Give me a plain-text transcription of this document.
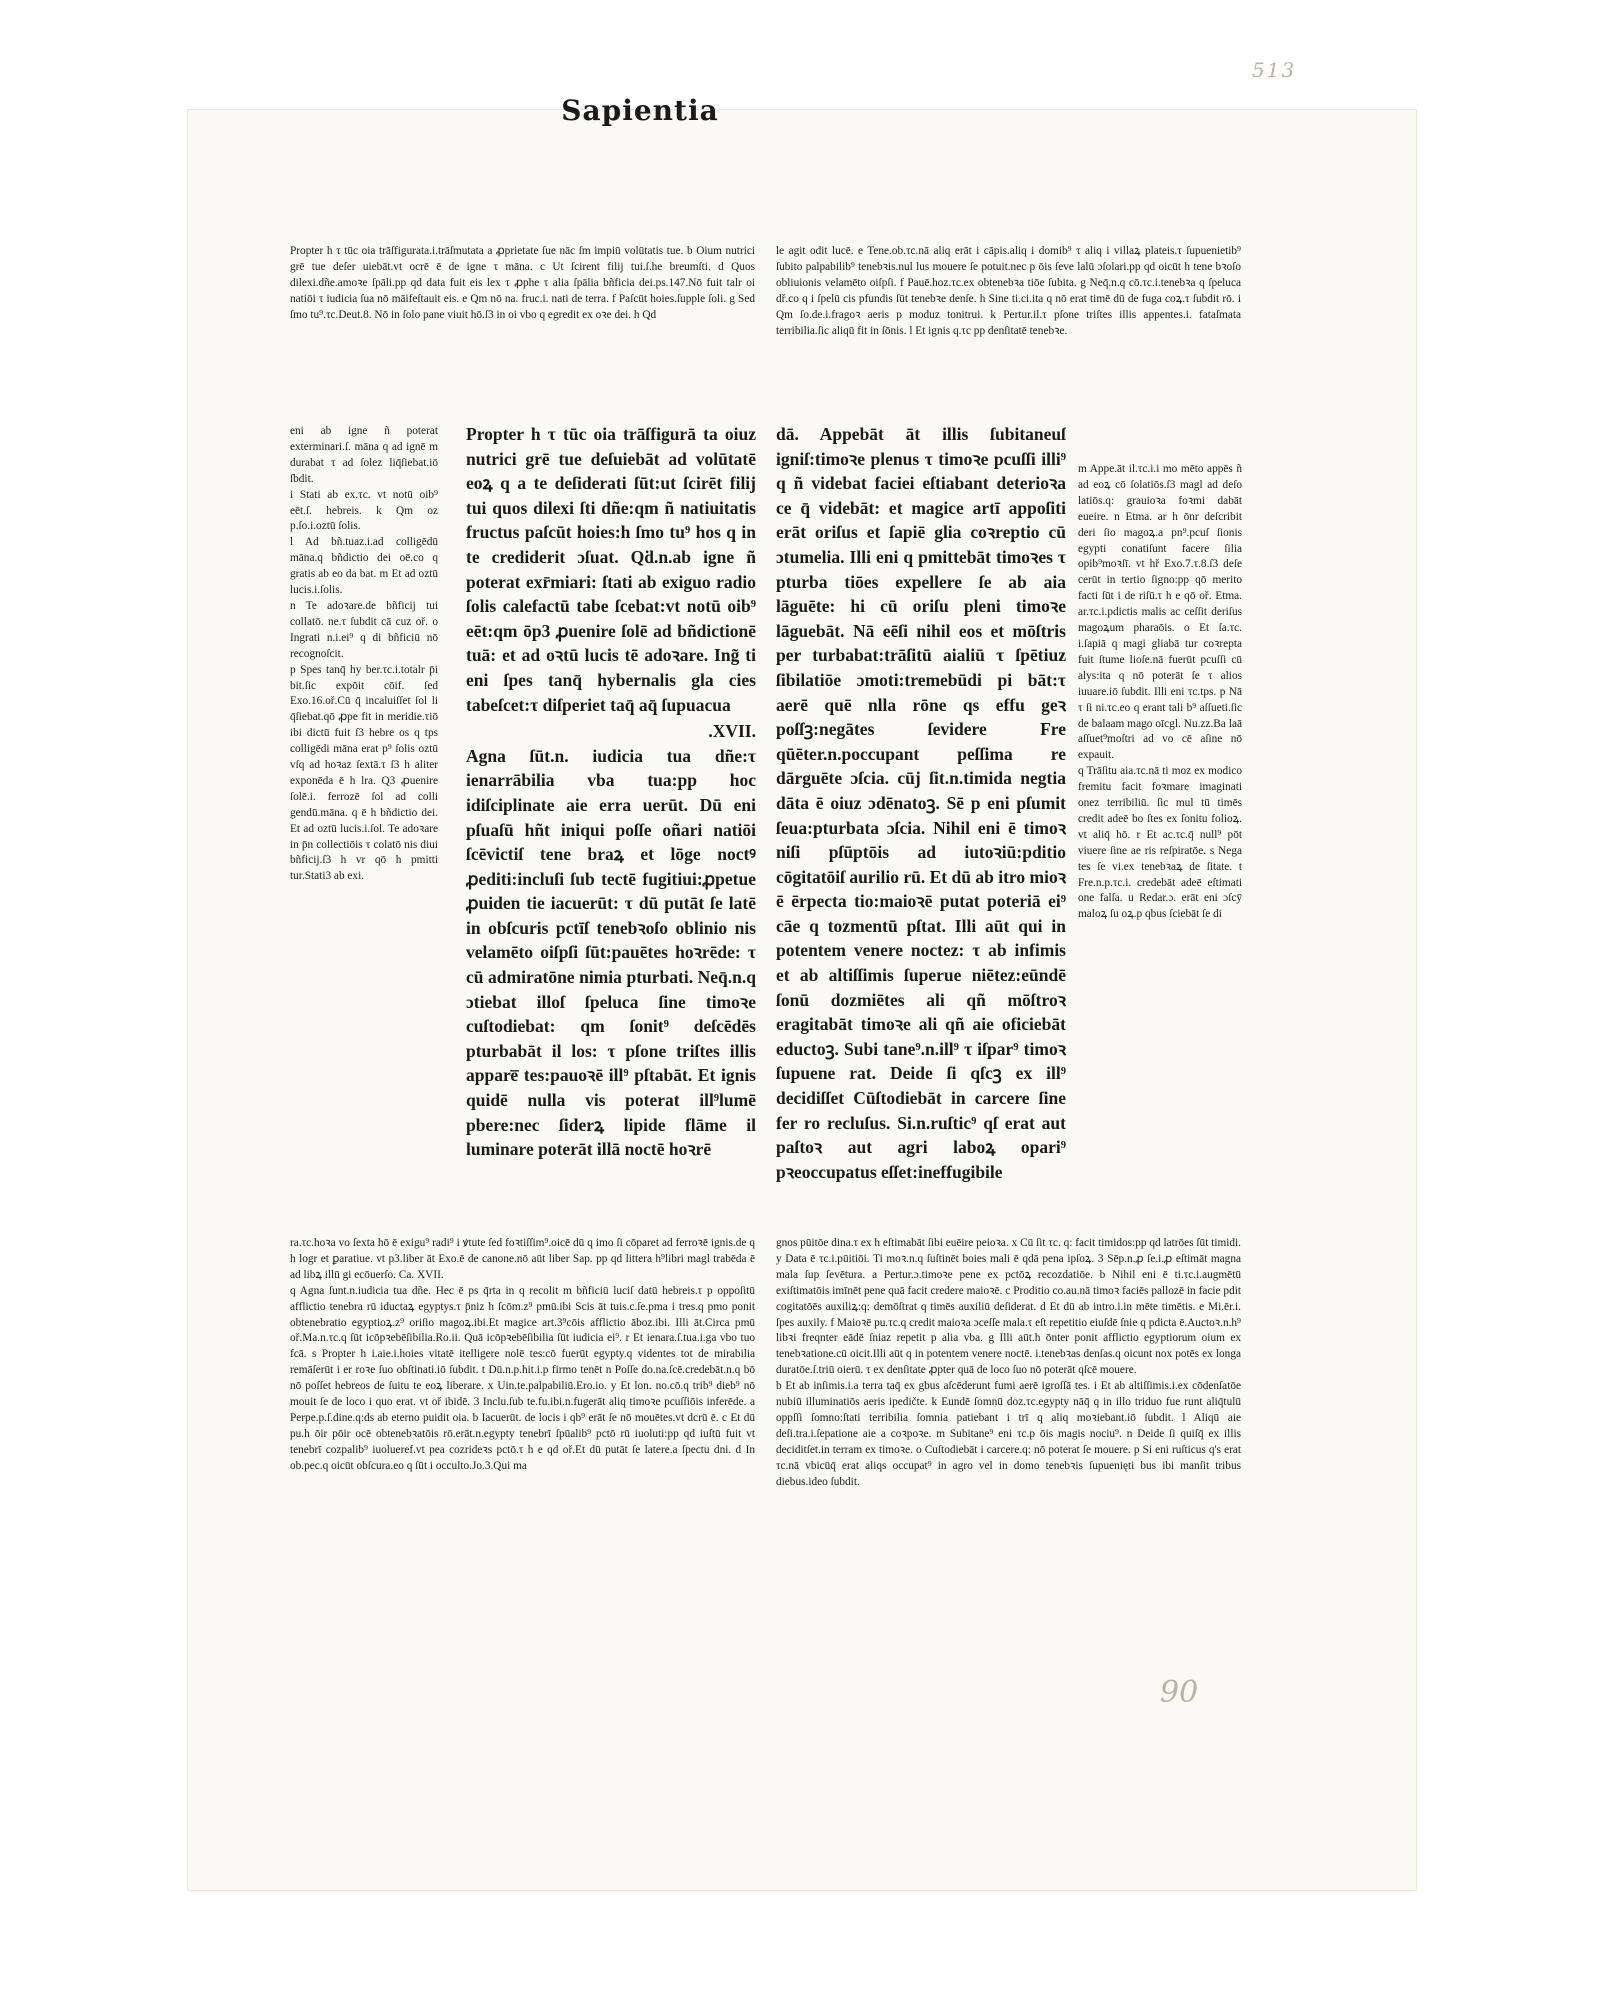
513
90
Sapientia

Propter h τ tūc oia trāſfigurata.i.trāſmutata a ꝓprietate ſue nāc ſm impiū volūtatis tue. b Oium nutrici grē tue deſer uiebāt.vt ocrē ē de igne τ māna. c Ut ſcirent filij tui.ſ.he breumſti. d Quos dilexi.dñe.amoꝛe ſpāli.pp qd data fuit eis lex τ ꝓphe τ alia ſpālia bñficia dei.ps.147.Nō fuit talr oi natiōi τ iudicia ſua nō māifeſtauit eis. e Qm nō na. fruc.i. nati de terra. f Paſcūt hoies.ſupple ſoli. g Sed ſmo tu⁹.τc.Deut.8. Nō in ſolo pane viuit hō.ſ3 in oi vbo q egredit ex oꝛe dei. h Qd

eni ab igne ñ poterat exterminari.ſ. māna q ad ignē m durabat τ ad ſolez liq̄ſiebat.iō ſbdit.

i Stati ab ex.τc. vt notū oib⁹ eēt.ſ. hebreis. k Qm oz p.ſo.i.oztū ſolis.

l Ad bñ.tuaz.i.ad colligēdū māna.q bñdictio dei oē.co q gratis ab eo da bat. m Et ad oztū lucis.i.ſolis.

n Te adoꝛare.de bñficij tui collatō. ne.τ ſubdit cā cuz oř. o Ingrati n.i.ei⁹ q di bñficiū nō recognoſcit.

p Spes tanq̄ hy ber.τc.i.totalr p̄i bit.ſic expōit cōif. ſed Exo.16.oř.Cū q̄ incaluiſſet ſol li q̄ſiebat.qō ꝓpe fit in meridie.τiō ibi dictū fuit ſ3 hebre os q tps colligēdi māna erat p⁹ ſolis oztū vſq ad hoꝛaz ſextā.τ ſ3 h aliter exponēda ē h lra. Q3 ꝓuenire ſolē.i. ferrozē ſol ad colli gendū.māna. q ē h bñdictio dei. Et ad oztū lucis.i.ſol. Te adoꝛare in p̄n collectiōis τ colatō nis diui bñficij.ſ3 h vr qō h pmitti tur.Stati3 ab exi.

Propter h τ tūc oia trāſfigurā ta oiuz nutrici grē tue deſuiebāt ad volūtatē eoꝝ q a te deſiderati ſūt:ut ſcirēt filij tui quos dilexi ſti dñe:qm ñ natiuitatis fructus paſcūt hoies:h ſmo tu⁹ hos q in te crediderit ɔſuat. Qḋ.n.ab igne ñ poterat exr̄miari: ſtati ab exiguo radio ſolis calefactū tabe ſcebat:vt notū oib⁹ eēt:qm ōp3 ꝓuenire ſolē ad bñdictionē tuā: et ad oꝛtū lucis tē adoꝛare. Ing̃ ti eni ſpes tanq̄ hybernalis gla cies tabeſcet:τ diſperiet taq̄ aq̄ ſupuacua

.XVII.

Agna ſūt.n. iudicia tua dñe:τ ienarrābilia vba tua:pp hoc idiſciplinate aie erra uerūt. Dū eni pſuaſū hñt iniqui poſſe oñari natiōi ſcēvictiſ tene braꝝ et lōge noctꝰ ꝓediti:incluſi ſub tectē fugitiui:ꝓpetue ꝓuiden tie iacuerūt: τ dū putāt ſe latē in obſcuris pctīſ tenebꝛoſo oblinio nis velamēto oiſpſi ſūt:pauētes hoꝛrēde: τ cū admiratōne nimia pturbati. Neq̄.n.q ɔtiebat illoſ ſpeluca ſine timoꝛe cuſtodiebat: qm ſonit⁹ deſcēdēs pturbabāt il los: τ pſone triſtes illis appare̅ tes:pauoꝛē ill⁹ pſtabāt. Et ignis quidē nulla vis poterat ill⁹lumē pbere:nec ſiderꝝ lipide flāme il luminare poterāt illā noctē hoꝛrē

ra.τc.hoꝛa vo ſexta hō ē exigu⁹ radi⁹ i ꝟtute ſed foꝛtiſſim⁹.oicē dū q imo ſi cōparet ad ferroꝛē ignis.de q h logr et ꝑaratiue. vt p3.liber āt Exo.ē de canone.nō aūt liber Sap. pp qd littera h⁹libri magl trabēda ē ad libꝝ illū gi ecōuerſo. Ca. XVII.

q Agna ſunt.n.iudicia tua dñe. Hec ē ps q̄rta in q recolit m bñficiū luciſ datū hebreis.τ p oppoſitū afflictio tenebra rū iductaꝝ egyptys.τ p̄niz h ſcōm.z⁹ pmū.ibi Scis āt tuis.c.ſe.pma i tres.q pmo ponit obtenebratio egyptioꝝ.z⁹ oriſio magoꝝ.ibi.Et magice art.3⁹cōis afflictio āboz.ibi. Illi āt.Circa pmū oř.Ma.n.τc.q ſūt icōpꝛebēſibilia.Ro.ii. Quā icōpꝛebēſibilia ſūt iudicia ei⁹. r Et ienara.ſ.tua.i.ga vbo tuo fcā. s Propter h i.aie.i.hoies vitatē itelligere nolē tes:cō fuerūt egypty.q videntes tot de mirabilia remāſerūt i er roꝛe ſuo obſtinati.iō ſubdit. t Dū.n.p.hit.i.p firmo tenēt n Poſſe do.na.ſcē.credebāt.n.q bō nō poſſet hebreos de ſuitu te eoꝝ liberare. x Uin.te.palpabiliū.Ero.io. y Et lon. no.cō.q trib⁹ dieb⁹ nō mouit ſe de loco i quo erat. vt oř ibidē. 3 Inclu.ſub te.fu.ibi.n.fugerāt aliq timoꝛe pcuſſiōis inferēde. a Perpe.p.ſ.dine.q:ds ab eterno puidit oia. b Iacuerūt. de locis i qb⁹ erāt ſe nō mouētes.vt dcrū ē. c Et dū pu.h ōir pōir ocē obtenebꝛatōis rō.erāt.n.egypty tenebrī ſpūalib⁹ pctō rū iuoluti:pp qd iuſtū fuit vt tenebrī cozpalib⁹ iuolueref.vt pea cozrideꝛs pctō.τ h e qd oř.Et dū putāt ſe latere.a ſpectu dni. d In ob.pec.q oicūt obſcura.eo q ſūt i occulto.Jo.3.Qui ma

le agit odit lucē. e Tene.ob.τc.nā aliq erāt i cāpis.aliq i domib⁹ τ aliq i villaꝝ plateis.τ ſupuenietib⁹ ſubito palpabilib⁹ tenebꝛis.nul lus mouere ſe potuit.nec p ōis ſeve lalū ɔſolari.pp qd oicūt h tene bꝛoſo obliuionis velamēto oiſpſi. f Pauē.hoz.τc.ex obtenebꝛa tiōe ſubita. g Neq̄.n.q cō.τc.i.tenebꝛa q ſpeluca dř.co q i ſpelū cis pfundis ſūt tenebꝛe denſe. h Sine ti.ci.ita q nō erat timē dū de fuga coꝝ.τ ſubdit rō. i Qm ſo.de.i.fragoꝛ aeris p moduz tonitrui. k Pertur.il.τ pſone triſtes illis appentes.i. fataſmata terribilia.ſic aliqū fit in ſōnis. l Et ignis q.τc pp denſitatē tenebꝛe.

dā. Appebāt āt illis ſubitaneuſ igniſ:timoꝛe plenus τ timoꝛe pcuſſi illi⁹ q ñ videbat faciei eſtiabant deterioꝛa ce q̄ videbāt: et magice artī appoſiti erāt oriſus et ſapiē glia coꝛreptio cū ɔtumelia. Illi eni q pmittebāt timoꝛes τ pturba tiōes expellere ſe ab aia lāguēte: hi cū oriſu pleni timoꝛe lāguebāt. Nā eēſi nihil eos et mōſtris per turbabat:trāſitū aialiū τ ſpētiuz ſibilatiōe ɔmoti:tremebūdi pi bāt:τ aerē quē nlla rōne qs effu geꝛ poſſꝫ:negātes ſevidere Fre qūēter.n.poccupant peſſima re dārguēte ɔſcia. cūj ſit.n.timida negtia dāta ē oiuz ɔdēnatoꝫ. Sē p eni pſumit ſeua:pturbata ɔſcia. Nihil eni ē timoꝛ niſi pſūptōis ad iutoꝛiū:pditio cōgitatōiſ aurilio rū. Et dū ab itro mioꝛ ē ērpecta tio:maioꝛē putat poteriā ei⁹ cāe q tozmentū pſtat. Illi aūt qui in potentem venere noctez: τ ab infimis et ab altiſſimis ſuperue niētez:eūndē ſonū dozmiētes ali qñ mōſtroꝛ eragitabāt timoꝛe ali qñ aie oficiebāt eductoꝫ. Subi tane⁹.n.ill⁹ τ iſpar⁹ timoꝛ ſupuene rat. Deide ſi qſcꝫ ex ill⁹ decidiſſet Cūſtodiebāt in carcere ſine fer ro recluſus. Si.n.ruſtic⁹ qſ erat aut paſtoꝛ aut agri laboꝝ opari⁹ pꝛeoccupatus eſſet:ineffugibile

m Appe.āt il.τc.i.i mo mēto appēs ñ ad eoꝝ cō ſolatiōs.ſ3 magl ad deſo latiōs.q: grauioꝛa foꝛmi dabāt eueire. n Etma. ar h ōnr deſcribit deri ſio magoꝝ.a pn⁹.pcuſ ſionis egypti conatiſunt facere ſilia opib⁹moꝛſī. vt hř Exo.7.τ.8.ſ3 deſe cerūt in tertio ſigno:pp qō merito facti ſūt i de riſū.τ h e qō oř. Etma. ar.τc.i.pdictis malis ac ceſſit deriſus magoꝝum pharaōis. o Et ſa.τc. i.ſapiā q magi gliabā tur coꝛrepta fuit ſtume lioſe.nā fuerūt pcuſſi cū alys:ita q nō poterāt ſe τ alios iuuare.iō ſubdit. Illi eni τc.tps. p Nā τ ſi ni.τc.eo q erant tali b⁹ aſſueti.ſic de balaam mago oīcgl. Nu.zz.Ba laā aſſuet⁹moſtri ad vo cē aſine nō expauit.

q Trāſitu aia.τc.nā ti moz ex modico fremitu facit foꝛmare imaginati onez terribiliū. ſic mul tū timēs credit adeē bo ſtes ex ſonitu folioꝝ. vt aliq̄ hō. r Et ac.τc.q̄ null⁹ pōt viuere ſine ae ris reſpiratōe. s Nega tes ſe vi.ex tenebꝛaꝝ de ſitate. t Fre.n.p.τc.i. credebāt adeē eſtimati one falſa. u Redar.ɔ. erāt eni ɔſcȳ maloꝝ ſu oꝝ.p qbus ſciebāt ſe di

gnos pūitōe dina.τ ex h eſtimabāt ſibi euēire peioꝛa. x Cū ſit τc. q: facit timidos:pp qd latrōes ſūt timidi. y Data ē τc.i.pūitiōi. Ti moꝛ.n.q ſuſtinēt boies mali ē qdā pena ipſoꝝ. 3 Sēp.n.ꝓ ſe.i.ꝓ eſtimāt magna mala ſup ſevētura. a Pertur.ɔ.timoꝛe pene ex pctōꝝ recozdatiōe. b Nihil eni ē ti.τc.i.augmētū exiſtimatōis imīnēt pene quā facit credere maioꝛē. c Proditio co.au.nā timoꝛ faciēs pallozē in facie pdit cogitatōēs auxiliꝝ:q: demōſtrat q timēs auxiliū deſiderat. d Et dū ab intro.i.in mēte timētis. e Mi.ēr.i. ſpes auxily. f Maioꝛē pu.τc.q credit maioꝛa ɔceſſe mala.τ eſt repetitio eiuſdē ſnie q pdicta ē.Auctoꝛ.n.h⁹ libꝛi freqnter eādē ſniaz repetit p alia vba. g Illi aūt.h ōnter ponit afflictio egyptiorum oium ex tenebꝛatione.cū oicit.Illi aūt q in potentem venere noctē. i.tenebꝛas denſas.q oicunt nox potēs ex longa duratōe.ſ.triū oierū. τ ex denſitate ꝓpter quā de loco ſuo nō poterāt qſcē mouere.

b Et ab inſimis.i.a terra taq̄ ex gbus aſcēderunt fumi aerē igroſſā tes. i Et ab altiſſimis.i.ex cōdenſatōe nubiū illuminatiōs aeris ipedičte. k Eundē ſomnū doz.τc.egypty nāq̄ q in illo triduo fue runt aliq̄tulū oppſſi ſomno:ſtati terribilia ſomnia patiebant i trī q aliq moꝛiebant.iō ſubdit. l Aliqū aie deſi.tra.i.ſepatione aie a coꝛpoꝛe. m Subitane⁹ eni τc.p ōis magis nociu⁹. n Deide ſi quiſq̄ ex illis deciditſet.in terram ex timoꝛe. o Cuſtodiebāt i carcere.q: nō poterat ſe mouere. p Si eni ruſticus q's erat τc.nā vbicūq̄ erat aliqs occupat⁹ in agro vel in domo tenebꝛis ſupuenięti bus ibi manſit tribus diebus.ideo ſubdit.
